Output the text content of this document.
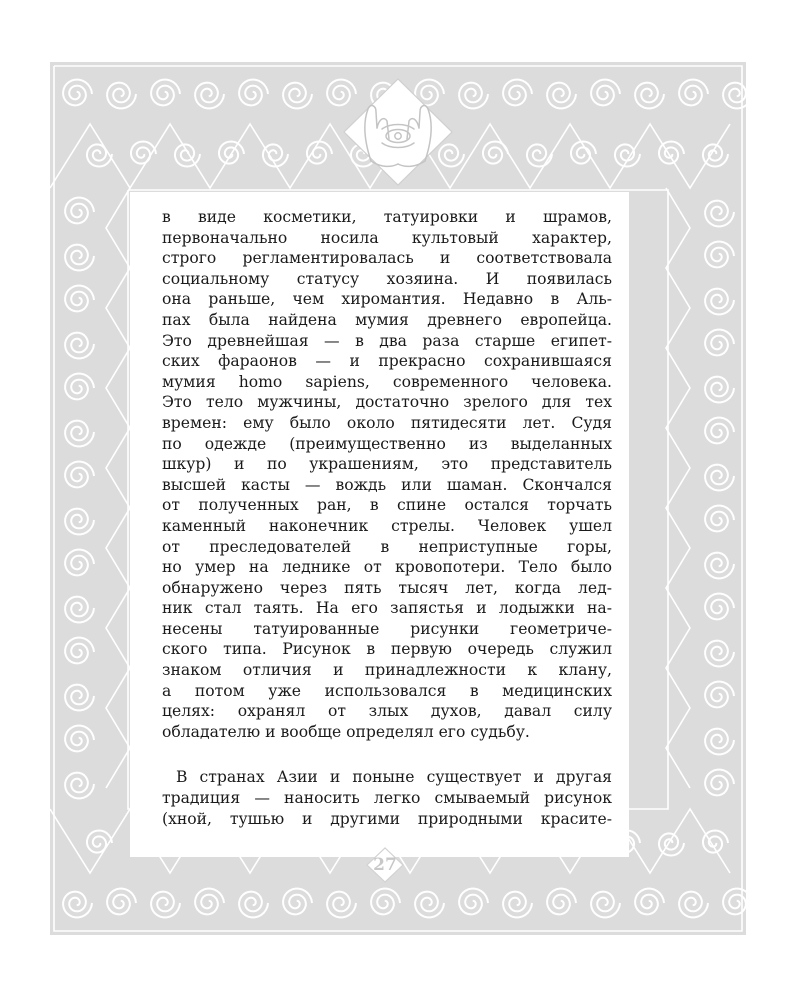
в виде косметики, татуировки и шрамов,
первоначально носила культовый характер,
строго регламентировалась и соответствовала
социальному статусу хозяина. И появилась
она раньше, чем хиромантия. Недавно в Аль-
пах была найдена мумия древнего европейца.
Это древнейшая — в два раза старше египет-
ских фараонов — и прекрасно сохранившаяся
мумия homo sapiens, современного человека.
Это тело мужчины, достаточно зрелого для тех
времен: ему было около пятидесяти лет. Судя
по одежде (преимущественно из выделанных
шкур) и по украшениям, это представитель
высшей касты — вождь или шаман. Скончался
от полученных ран, в спине остался торчать
каменный наконечник стрелы. Человек ушел
от преследователей в неприступные горы,
но умер на леднике от кровопотери. Тело было
обнаружено через пять тысяч лет, когда лед-
ник стал таять. На его запястья и лодыжки на-
несены татуированные рисунки геометриче-
ского типа. Рисунок в первую очередь служил
знаком отличия и принадлежности к клану,
а потом уже использовался в медицинских
целях: охранял от злых духов, давал силу
обладателю и вообще определял его судьбу.
В странах Азии и поныне существует и другая
традиция — наносить легко смываемый рисунок
(хной, тушью и другими природными красите-
27
